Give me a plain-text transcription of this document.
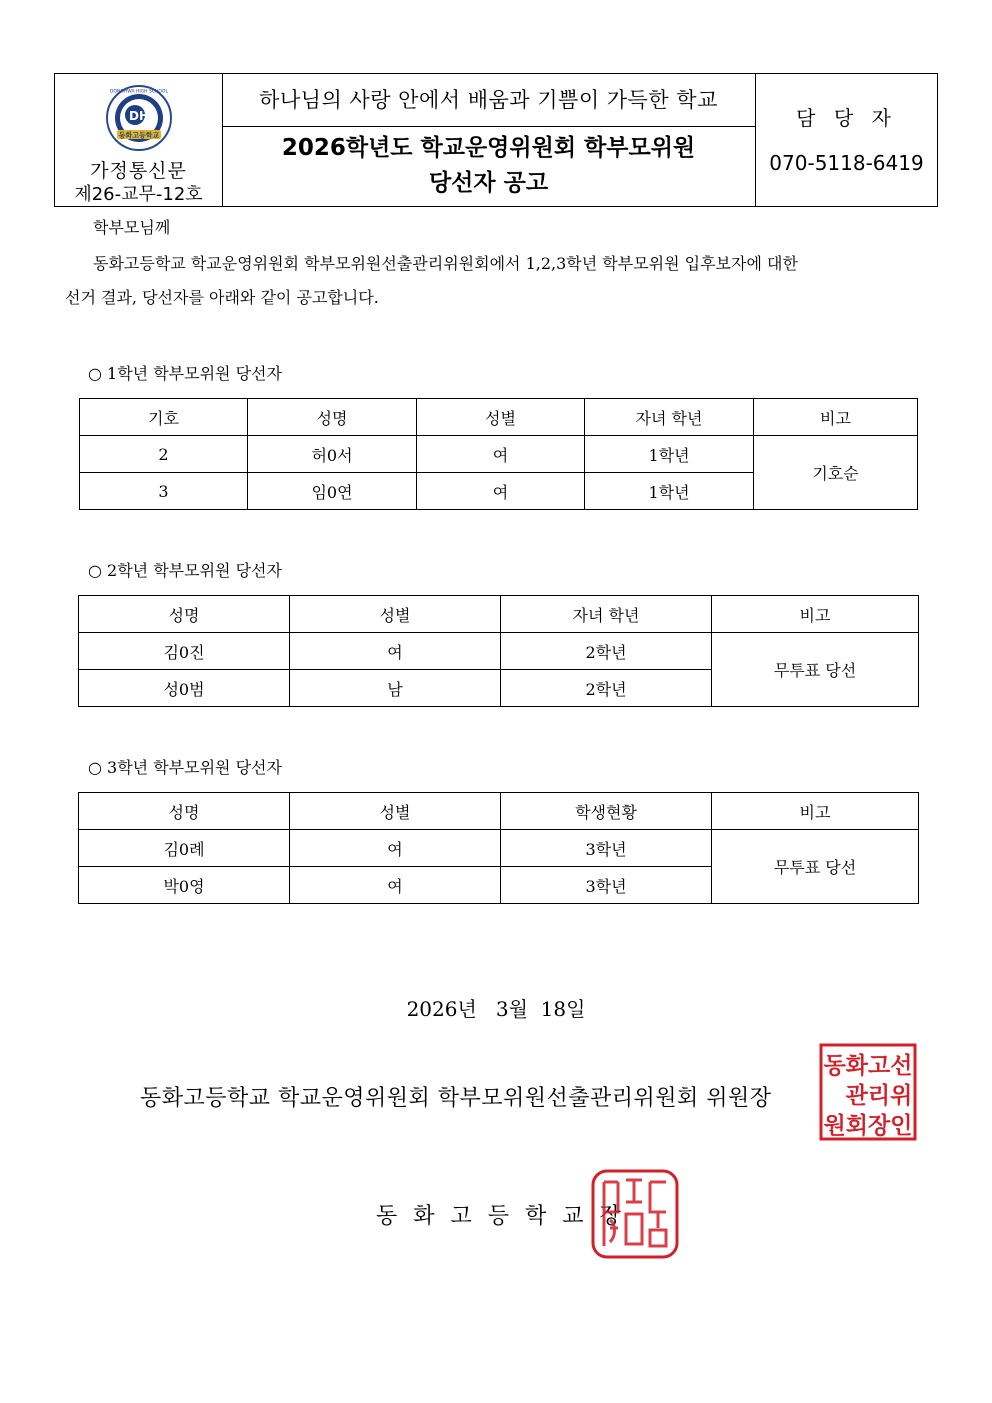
DH
동화고등학교
DONGHWA HIGH SCHOOL
가정통신문
제26-교무-12호
하나님의 사랑 안에서 배움과 기쁨이 가득한 학교
2026학년도 학교운영위원회 학부모위원
당선자 공고
담 당 자
070-5118-6419
학부모님께
동화고등학교 학교운영위원회 학부모위원선출관리위원회에서 1,2,3학년 학부모위원 입후보자에 대한
선거 결과, 당선자를 아래와 같이 공고합니다.
○ 1학년 학부모위원 당선자
기호	성명	성별	자녀 학년	비고
2	허0서	여	1학년	기호순
3	임0연	여	1학년	
○ 2학년 학부모위원 당선자
성명	성별	자녀 학년	비고
김0진	여	2학년	무투표 당선
성0범	남	2학년	
○ 3학년 학부모위원 당선자
성명	성별	학생현황	비고
김0례	여	3학년	무투표 당선
박0영	여	3학년	
2026년   3월  18일
동화고등학교 학교운영위원회 학부모위원선출관리위원회 위원장
동화고선
관리위
원회장인
동화고등학교장
